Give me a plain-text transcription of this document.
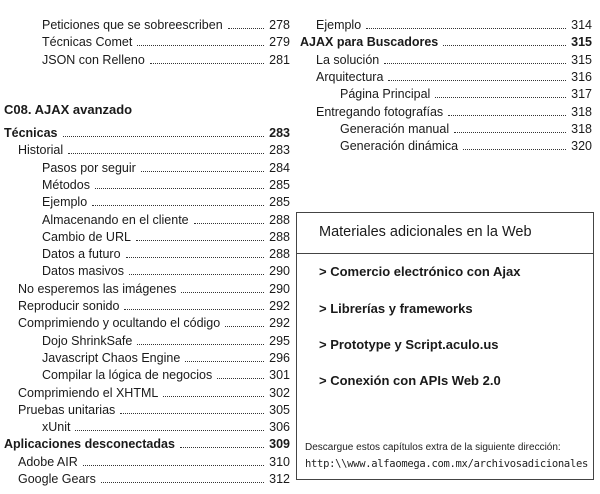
Peticiones que se sobreescriben	278
Técnicas Comet	279
JSON con Relleno	281
C08. AJAX avanzado
Técnicas	283
Historial	283
Pasos por seguir	284
Métodos	285
Ejemplo	285
Almacenando en el cliente	288
Cambio de URL	288
Datos a futuro	288
Datos masivos	290
No esperemos las imágenes	290
Reproducir sonido	292
Comprimiendo y ocultando el código	292
Dojo ShrinkSafe	295
Javascript Chaos Engine	296
Compilar la lógica de negocios	301
Comprimiendo el XHTML	302
Pruebas unitarias	305
xUnit	306
Aplicaciones desconectadas	309
Adobe AIR	310
Google Gears	312
Ejemplo	314
AJAX para Buscadores	315
La solución	315
Arquitectura	316
Página Principal	317
Entregando fotografías	318
Generación manual	318
Generación dinámica	320
Materiales adicionales en la Web
> Comercio electrónico con Ajax
> Librerías y frameworks
> Prototype y Script.aculo.us
> Conexión con APIs Web 2.0
Descargue estos capítulos extra de la siguiente dirección:
http:\\www.alfaomega.com.mx/archivosadicionales
